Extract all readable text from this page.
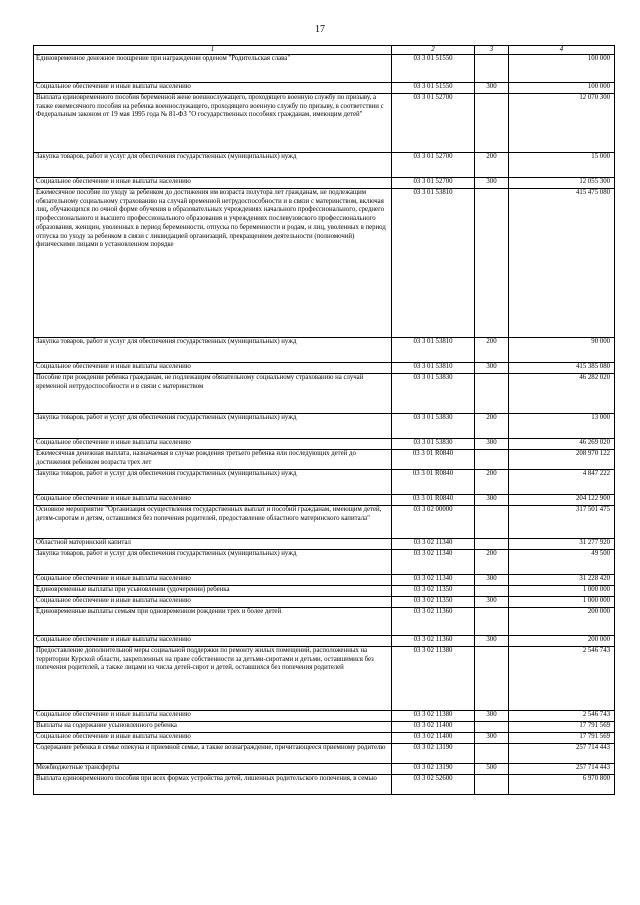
17
1	2	3	4
Единовременное денежное поощрение при награждении орденом "Родительская слава"	03 3 01 51550		100 000
Социальное обеспечение и иные выплаты населению	03 3 01 51550	300	100 000
Выплата единовременного пособия беременной жене военнослужащего, проходящего военную службу по призыву, а также ежемесячного пособия на ребенка военнослужащего, проходящего военную службу по призыву, в соответствии с Федеральным законом от 19 мая 1995 года № 81-ФЗ "О государственных пособиях гражданам, имеющим детей"	03 3 01 52700		12 070 300
Закупка товаров, работ и услуг для обеспечения государственных (муниципальных) нужд	03 3 01 52700	200	15 000
Социальное обеспечение и иные выплаты населению	03 3 01 52700	300	12 055 300
Ежемесячное пособие по уходу за ребенком до достижения им возраста полутора лет гражданам, не подлежащим обязательному социальному страхованию на случай временной нетрудоспособности и в связи с материнством, включая лиц, обучающихся по очной форме обучения в образовательных учреждениях начального профессионального, среднего профессионального и высшего профессионального образования и учреждениях послевузовского профессионального образования, женщин, уволенных в период беременности, отпуска по беременности и родам, и лиц, уволенных в период отпуска по уходу за ребенком в связи с ликвидацией организаций, прекращением деятельности (полномочий) физическими лицами в установленном порядке	03 3 01 53810		415 475 080
Закупка товаров, работ и услуг для обеспечения государственных (муниципальных) нужд	03 3 01 53810	200	90 000
Социальное обеспечение и иные выплаты населению	03 3 01 53810	300	415 385 080
Пособие при рождении ребенка гражданам, не подлежащим обязательному социальному страхованию на случай временной нетрудоспособности и в связи с материнством	03 3 01 53830		46 282 020
Закупка товаров, работ и услуг для обеспечения государственных (муниципальных) нужд	03 3 01 53830	200	13 000
Социальное обеспечение и иные выплаты населению	03 3 01 53830	300	46 269 020
Ежемесячная денежная выплата, назначаемая в случае рождения третьего ребенка или последующих детей до достижения ребенком возраста трех лет	03 3 01 R0840		208 970 122
Закупка товаров, работ и услуг для обеспечения государственных (муниципальных) нужд	03 3 01 R0840	200	4 847 222
Социальное обеспечение и иные выплаты населению	03 3 01 R0840	300	204 122 900
Основное мероприятие "Организация осуществления государственных выплат и пособий гражданам, имеющим детей, детям-сиротам и детям, оставшимся без попечения родителей, предоставление областного материнского капитала"	03 3 02 00000		317 501 475
Областной материнский капитал	03 3 02 11340		31 277 920
Закупка товаров, работ и услуг для обеспечения государственных (муниципальных) нужд	03 3 02 11340	200	49 500
Социальное обеспечение и иные выплаты населению	03 3 02 11340	300	31 228 420
Единовременные выплаты при усыновлении (удочерении) ребенка	03 3 02 11350		1 000 000
Социальное обеспечение и иные выплаты населению	03 3 02 11350	300	1 000 000
Единовременные выплаты семьям при одновременном рождении трех и более детей	03 3 02 11360		200 000
Социальное обеспечение и иные выплаты населению	03 3 02 11360	300	200 000
Предоставление дополнительной меры социальной поддержки по ремонту жилых помещений, расположенных на территории Курской области, закрепленных на праве собственности за детьми-сиротами и детьми, оставшимися без попечения родителей, а также лицами из числа детей-сирот и детей, оставшихся без попечения родителей	03 3 02 11380		2 546 743
Социальное обеспечение и иные выплаты населению	03 3 02 11380	300	2 546 743
Выплаты на содержание усыновленного ребенка	03 3 02 11400		17 791 569
Социальное обеспечение и иные выплаты населению	03 3 02 11400	300	17 791 569
Содержание ребенка в семье опекуна и приемной семье, а также вознаграждение, причитающееся приемному родителю	03 3 02 13190		257 714 443
Межбюджетные трансферты	03 3 02 13190	500	257 714 443
Выплата единовременного пособия при всех формах устройства детей, лишенных родительского попечения, в семью	03 3 02 52600		6 970 800
